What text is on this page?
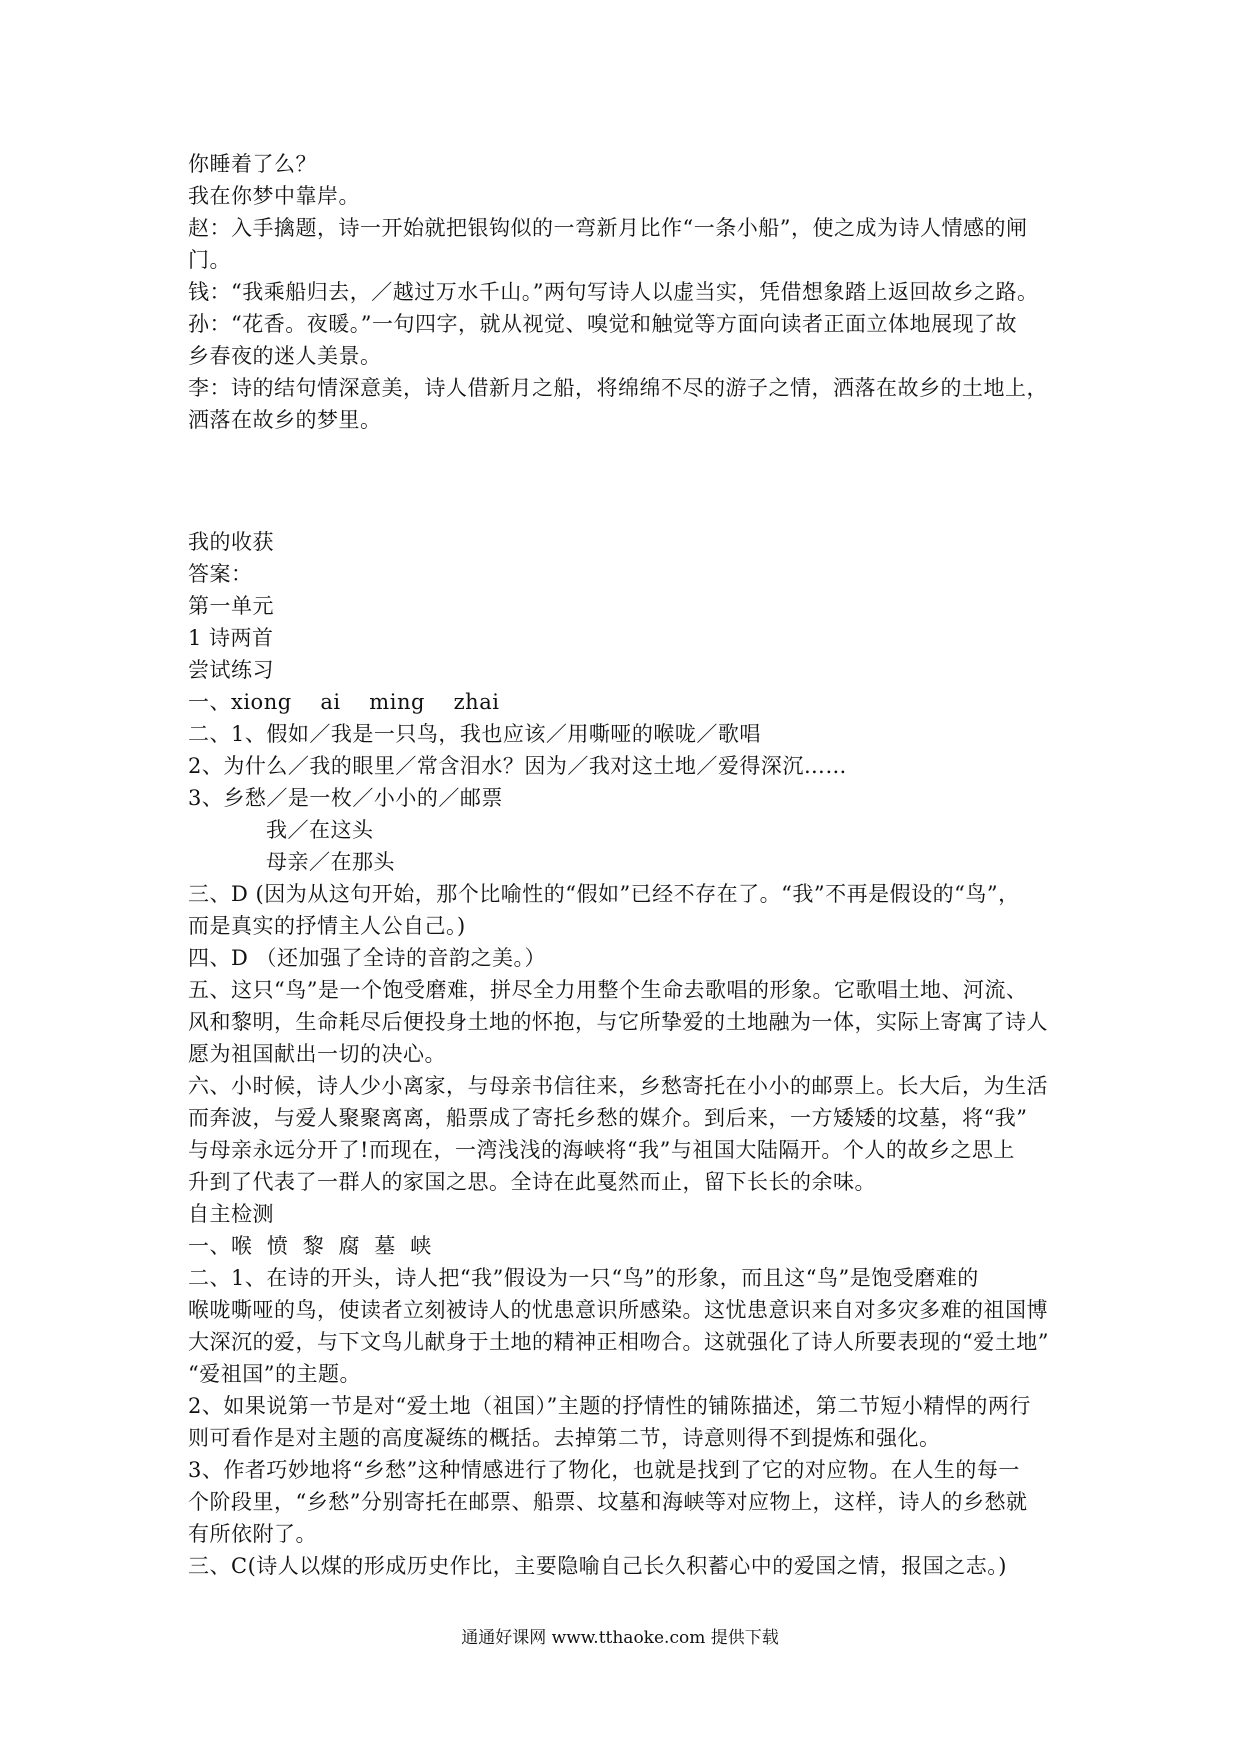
你睡着了么？
我在你梦中靠岸。
赵：入手擒题，诗一开始就把银钩似的一弯新月比作“一条小船”，使之成为诗人情感的闸
门。
钱：“我乘船归去，／越过万水千山。”两句写诗人以虚当实，凭借想象踏上返回故乡之路。
孙：“花香。夜暖。”一句四字，就从视觉、嗅觉和触觉等方面向读者正面立体地展现了故
乡春夜的迷人美景。
李：诗的结句情深意美，诗人借新月之船，将绵绵不尽的游子之情，洒落在故乡的土地上，
洒落在故乡的梦里。
我的收获
答案：
第一单元
1 诗两首
尝试练习
一、xiong    ai    ming    zhai
二、1、假如／我是一只鸟，我也应该／用嘶哑的喉咙／歌唱
2、为什么／我的眼里／常含泪水？因为／我对这土地／爱得深沉……
3、乡愁／是一枚／小小的／邮票
我／在这头
母亲／在那头
三、D (因为从这句开始，那个比喻性的“假如”已经不存在了。“我”不再是假设的“鸟”，
而是真实的抒情主人公自己。)
四、D （还加强了全诗的音韵之美。）
五、这只“鸟”是一个饱受磨难，拼尽全力用整个生命去歌唱的形象。它歌唱土地、河流、
风和黎明，生命耗尽后便投身土地的怀抱，与它所挚爱的土地融为一体，实际上寄寓了诗人
愿为祖国献出一切的决心。
六、小时候，诗人少小离家，与母亲书信往来，乡愁寄托在小小的邮票上。长大后，为生活
而奔波，与爱人聚聚离离，船票成了寄托乡愁的媒介。到后来，一方矮矮的坟墓，将“我”
与母亲永远分开了!而现在，一湾浅浅的海峡将“我”与祖国大陆隔开。个人的故乡之思上
升到了代表了一群人的家国之思。全诗在此戛然而止，留下长长的余味。
自主检测
一、喉  愤  黎  腐  墓  峡
二、1、在诗的开头，诗人把“我”假设为一只“鸟”的形象，而且这“鸟”是饱受磨难的
喉咙嘶哑的鸟，使读者立刻被诗人的忧患意识所感染。这忧患意识来自对多灾多难的祖国博
大深沉的爱，与下文鸟儿献身于土地的精神正相吻合。这就强化了诗人所要表现的“爱土地”
“爱祖国”的主题。
2、如果说第一节是对“爱土地（祖国）”主题的抒情性的铺陈描述，第二节短小精悍的两行
则可看作是对主题的高度凝练的概括。去掉第二节，诗意则得不到提炼和强化。
3、作者巧妙地将“乡愁”这种情感进行了物化，也就是找到了它的对应物。在人生的每一
个阶段里，“乡愁”分别寄托在邮票、船票、坟墓和海峡等对应物上，这样，诗人的乡愁就
有所依附了。
三、C(诗人以煤的形成历史作比，主要隐喻自己长久积蓄心中的爱国之情，报国之志。)
通通好课网 www.tthaoke.com 提供下载
